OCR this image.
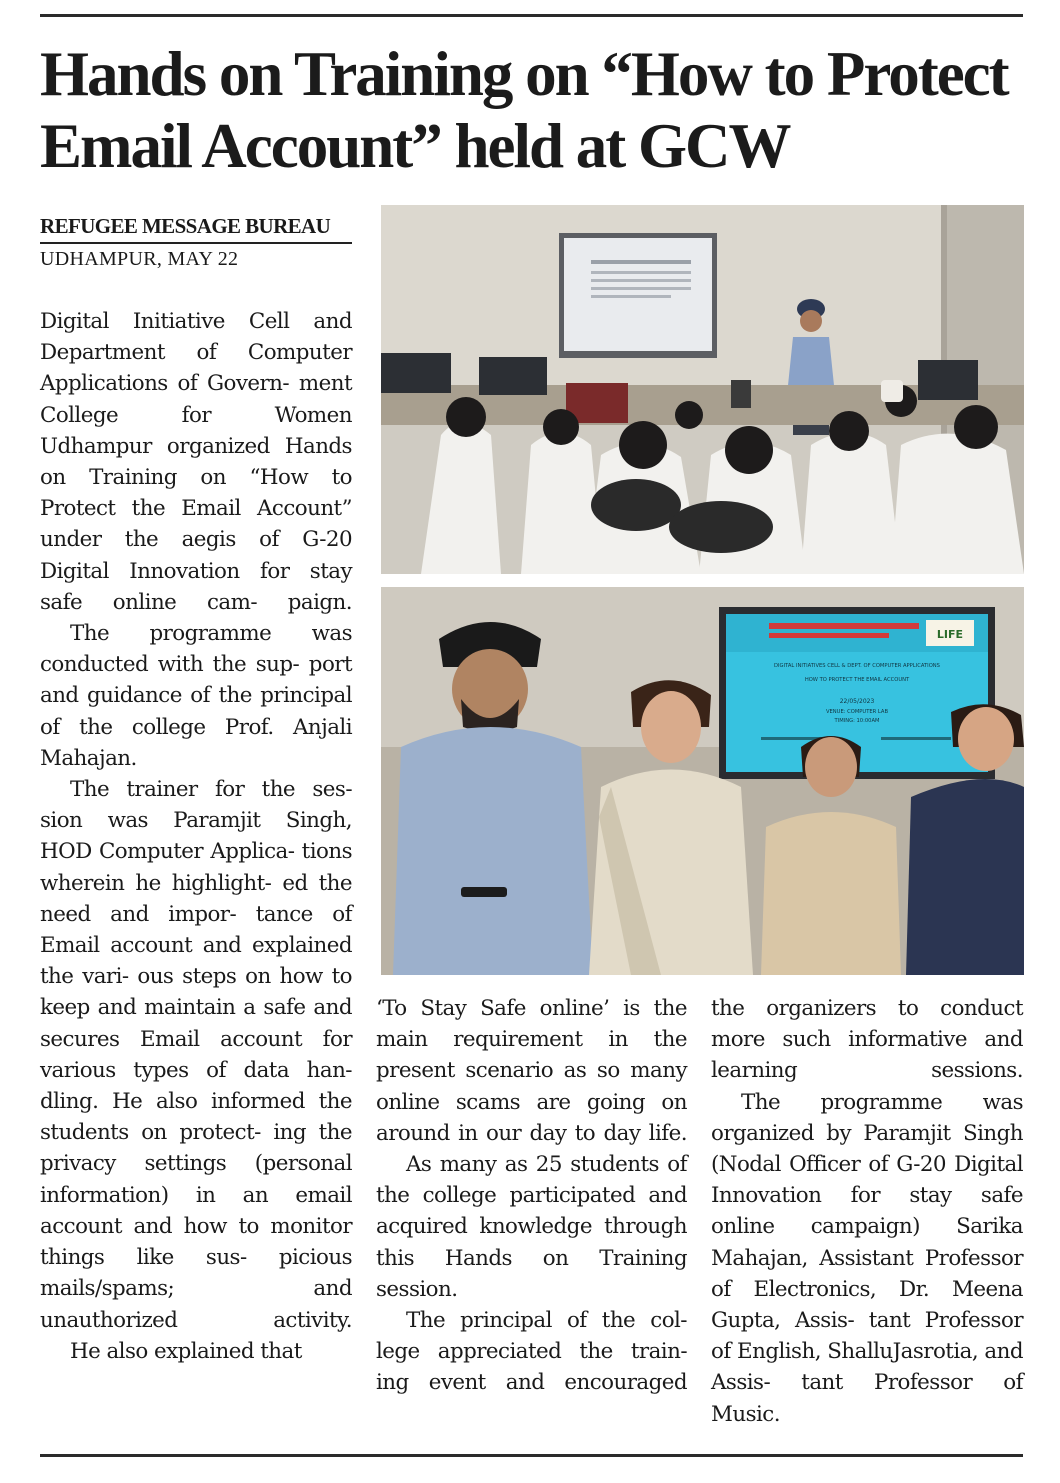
Hands on Training on “How to Protect
Email Account” held at GCW
REFUGEE MESSAGE BUREAU
UDHAMPUR, MAY 22
LIFE
DIGITAL INITIATIVES CELL & DEPT. OF COMPUTER APPLICATIONS
HOW TO PROTECT THE EMAIL ACCOUNT
22/05/2023
VENUE: COMPUTER LAB
TIMING: 10:00AM

Digital Initiative Cell and Department of Computer Applications of Govern- ment College for Women Udhampur organized Hands on Training on “How to Protect the Email Account” under the aegis of G-20 Digital Innovation for stay safe online cam- paign.

The programme was conducted with the sup- port and guidance of the principal of the college Prof. Anjali Mahajan.

The trainer for the ses- sion was Paramjit Singh, HOD Computer Applica- tions wherein he highlight- ed the need and impor- tance of Email account and explained the vari- ous steps on how to keep and maintain a safe and secures Email account for various types of data han- dling. He also informed the students on protect- ing the privacy settings (personal information) in an email account and how to monitor things like sus- picious mails/spams; and unauthorized activity.

He also explained that

‘To Stay Safe online’ is the main requirement in the present scenario as so many online scams are going on around in our day to day life.

As many as 25 students of the college participated and acquired knowledge through this Hands on Training session.

The principal of the col- lege appreciated the train- ing event and encouraged

the organizers to conduct more such informative and learning sessions.

The programme was organized by Paramjit Singh (Nodal Officer of G-20 Digital Innovation for stay safe online campaign) Sarika Mahajan, Assistant Professor of Electronics, Dr. Meena Gupta, Assis- tant Professor of English, ShalluJasrotia, and Assis- tant Professor of Music.
